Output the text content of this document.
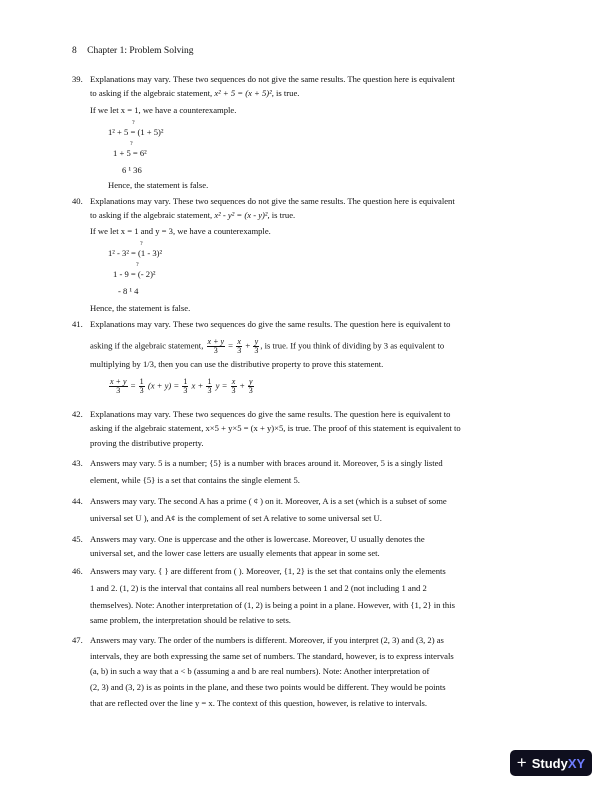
8 Chapter 1: Problem Solving
39. Explanations may vary. These two sequences do not give the same results. The question here is equivalent
to asking if the algebraic statement, x² + 5 = (x + 5)², is true.
If we let x = 1, we have a counterexample.
?
1² + 5 = (1 + 5)²
?
1 + 5 = 6²
6 ¹ 36
Hence, the statement is false.
40. Explanations may vary. These two sequences do not give the same results. The question here is equivalent
to asking if the algebraic statement, x² - y² = (x - y)², is true.
If we let x = 1 and y = 3, we have a counterexample.
?
1² - 3² = (1 - 3)²
?
1 - 9 = (- 2)²
- 8 ¹ 4
Hence, the statement is false.
41. Explanations may vary. These two sequences do give the same results. The question here is equivalent to
asking if the algebraic statement, $\frac{x + y}{3} = \frac{x}{3} + \frac{y}{3}$ , is true. If you think of dividing by 3 as equivalent to
multiplying by 1/3, then you can use the distributive property to prove this statement.
$\frac{x + y}{3} = \frac{1}{3} (x + y) = \frac{1}{3}$ $x + \frac{1}{3}$ $y = \frac{x}{3} + \frac{y}{3}$
42. Explanations may vary. These two sequences do give the same results. The question here is equivalent to
asking if the algebraic statement, x×5 + y×5 = (x + y)×5, is true. The proof of this statement is equivalent to
proving the distributive property.
43. Answers may vary. 5 is a number; {5} is a number with braces around it. Moreover, 5 is a singly listed
element, while {5} is a set that contains the single element 5.
44. Answers may vary. The second A has a prime ( ¢ ) on it. Moreover, A is a set (which is a subset of some
universal set U ), and A¢ is the complement of set A relative to some universal set U.
45. Answers may vary. One is uppercase and the other is lowercase. Moreover, U usually denotes the
universal set, and the lower case letters are usually elements that appear in some set.
46. Answers may vary. { } are different from ( ). Moreover, {1, 2} is the set that contains only the elements
1 and 2. (1, 2) is the interval that contains all real numbers between 1 and 2 (not including 1 and 2
themselves). Note: Another interpretation of (1, 2) is being a point in a plane. However, with {1, 2} in this
same problem, the interpretation should be relative to sets.
47. Answers may vary. The order of the numbers is different. Moreover, if you interpret (2, 3) and (3, 2) as
intervals, they are both expressing the same set of numbers. The standard, however, is to express intervals
(a, b) in such a way that a < b (assuming a and b are real numbers). Note: Another interpretation of
(2, 3) and (3, 2) is as points in the plane, and these two points would be different. They would be points
that are reflected over the line y = x. The context of this question, however, is relative to intervals.
+ Study XY
